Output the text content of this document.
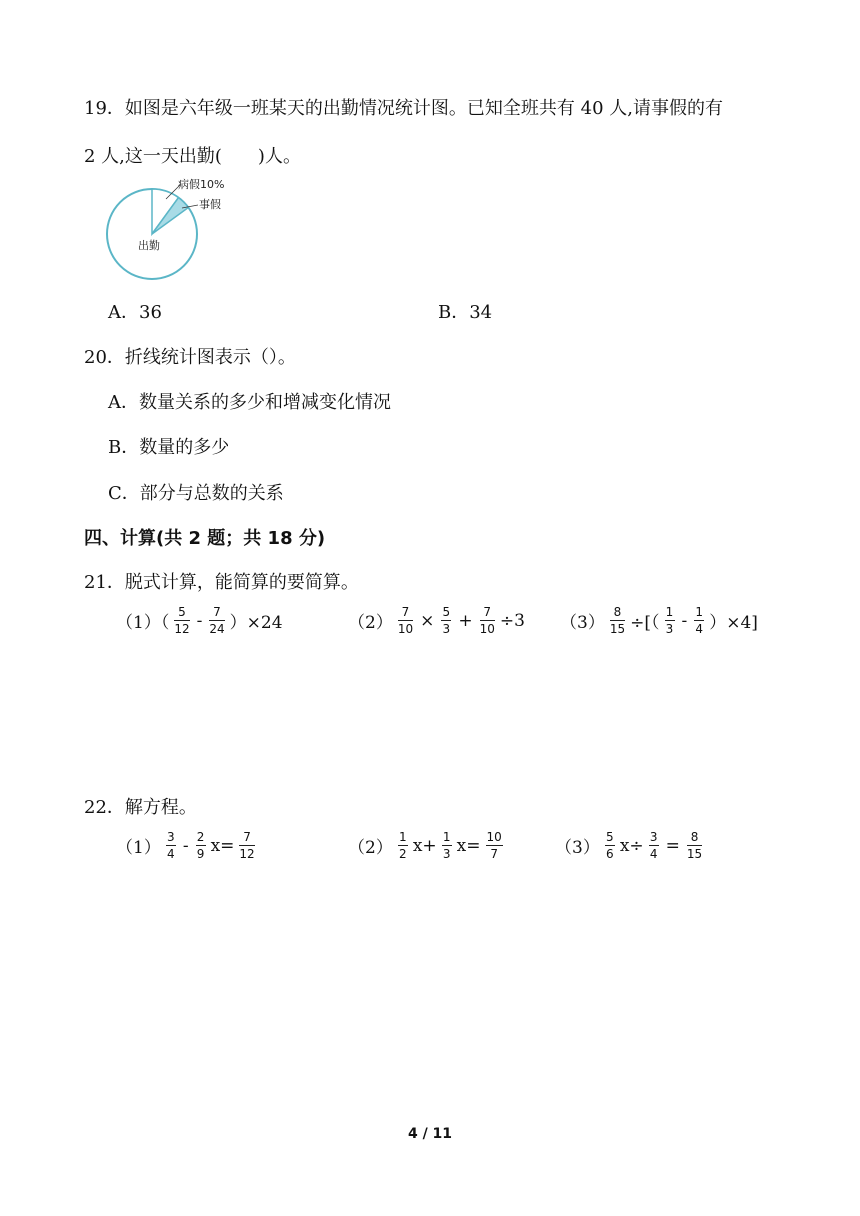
19．如图是六年级一班某天的出勤情况统计图。已知全班共有 40 人,请事假的有
2 人,这一天出勤(　　)人。
病假10%
事假
出勤
A．36	B．34
20．折线统计图表示（）。
A．数量关系的多少和增减变化情况
B．数量的多少
C．部分与总数的关系
四、计算(共 2 题；共 18 分)
21．脱式计算，能简算的要简算。
$(1)( \frac{5}{12} - \frac{7}{24} )\times 24$	$(2) \frac{7}{10} \times \frac{5}{3} + \frac{7}{10} \div 3$ $(3) \frac{8}{15}$ ÷[（ $\frac{1}{3} - \frac{1}{4} )\times 4$]
22．解方程。
$(1) \frac{3}{4} - \frac{2}{9} x= \frac{7}{12}$	$(2) \frac{1}{2} x+ \frac{1}{3} x= \frac{10}{7}$	$(3) \frac{5}{6} x\div \frac{3}{4} = \frac{8}{15}$
4 / 11
